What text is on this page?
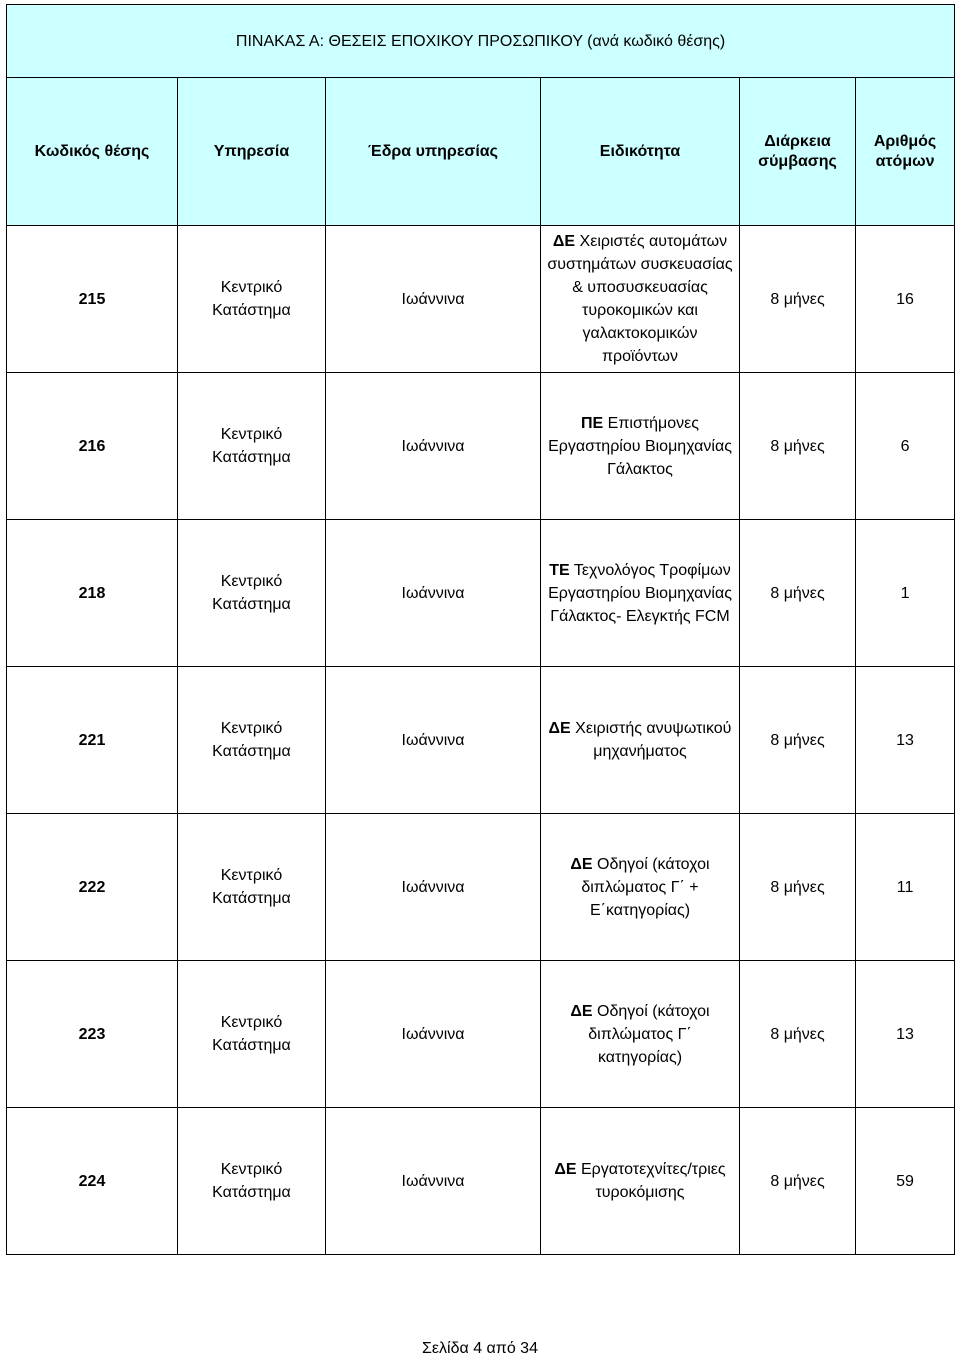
ΠΙΝΑΚΑΣ Α: ΘΕΣΕΙΣ ΕΠΟΧΙΚΟΥ ΠΡΟΣΩΠΙΚΟΥ (ανά κωδικό θέσης)					
Κωδικός θέσης	Υπηρεσία	Έδρα υπηρεσίας	Ειδικότητα	Διάρκεια σύμβασης	Αριθμός ατόμων
215	Κεντρικό Κατάστημα	Ιωάννινα	ΔΕ Χειριστές αυτομάτων συστημάτων συσκευασίας & υποσυσκευασίας τυροκομικών και γαλακτοκομικών προϊόντων	8 μήνες	16
216	Κεντρικό Κατάστημα	Ιωάννινα	ΠΕ Επιστήμονες Εργαστηρίου Βιομηχανίας Γάλακτος	8 μήνες	6
218	Κεντρικό Κατάστημα	Ιωάννινα	ΤΕ Τεχνολόγος Τροφίμων Εργαστηρίου Βιομηχανίας Γάλακτος- Ελεγκτής FCM	8 μήνες	1
221	Κεντρικό Κατάστημα	Ιωάννινα	ΔΕ Χειριστής ανυψωτικού μηχανήματος	8 μήνες	13
222	Κεντρικό Κατάστημα	Ιωάννινα	ΔΕ Οδηγοί (κάτοχοι διπλώματος Γ΄ + Ε΄κατηγορίας)	8 μήνες	11
223	Κεντρικό Κατάστημα	Ιωάννινα	ΔΕ Οδηγοί (κάτοχοι διπλώματος Γ΄ κατηγορίας)	8 μήνες	13
224	Κεντρικό Κατάστημα	Ιωάννινα	ΔΕ Εργατοτεχνίτες/τριες τυροκόμισης	8 μήνες	59
Σελίδα 4 από 34
